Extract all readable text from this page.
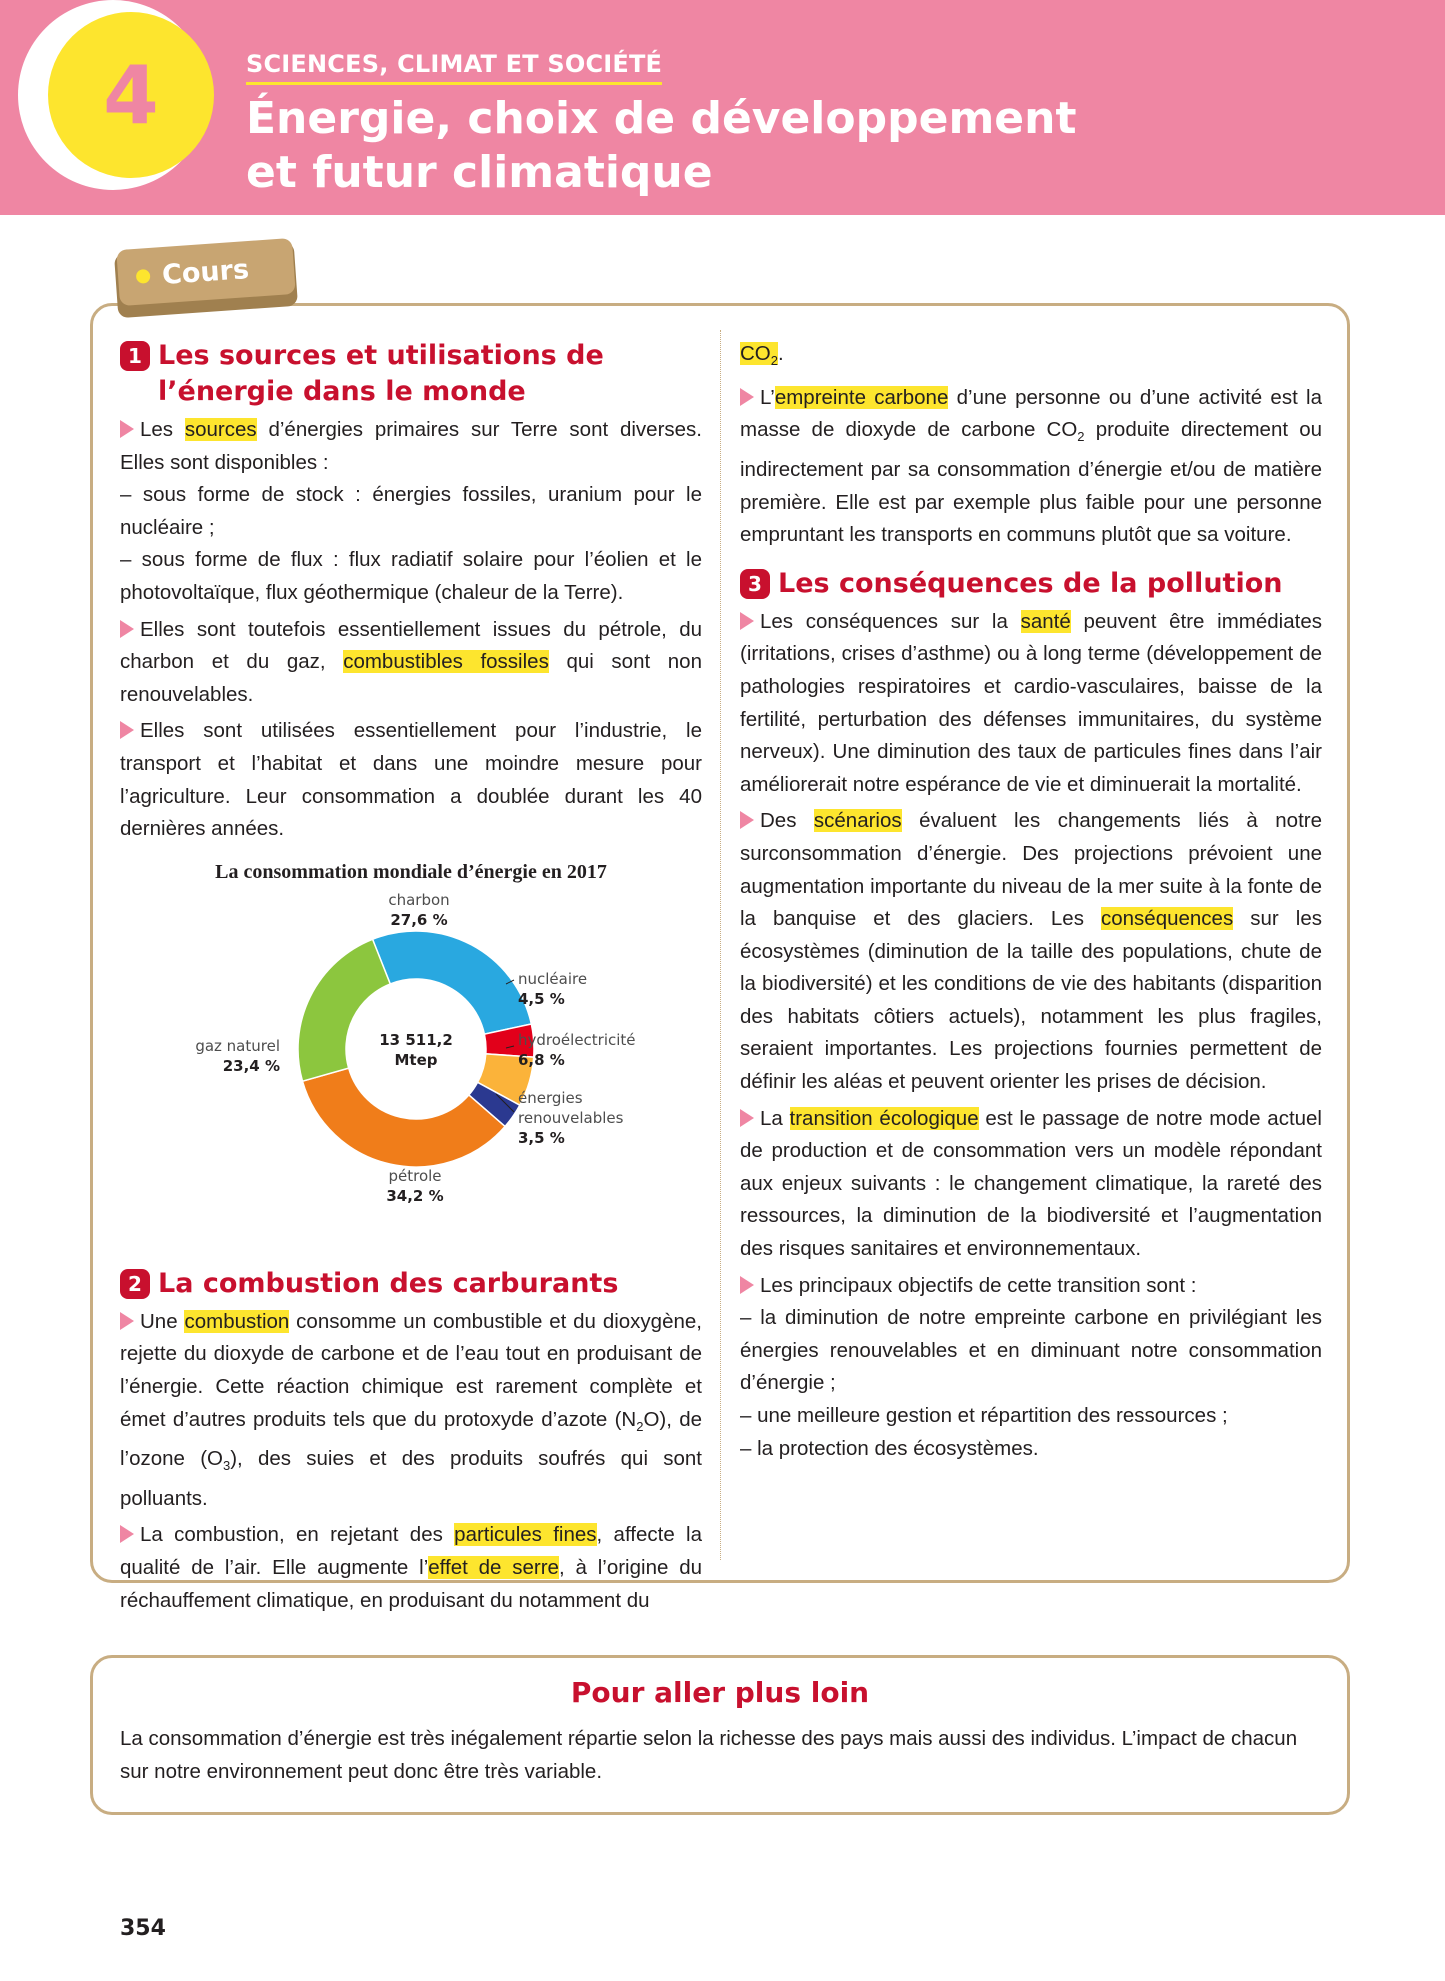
4	SCIENCES, CLIMAT ET SOCIÉTÉ
Énergie, choix de développement
et futur climatique
Cours
1 Les sources et utilisations de l’énergie dans le monde

Les sources d’énergies primaires sur Terre sont diverses. Elles sont disponibles :
– sous forme de stock : énergies fossiles, uranium pour le nucléaire ;
– sous forme de flux : flux radiatif solaire pour l’éolien et le photovoltaïque, flux géothermique (chaleur de la Terre).

Elles sont toutefois essentiellement issues du pétrole, du charbon et du gaz, combustibles fossiles qui sont non renouvelables.

Elles sont utilisées essentiellement pour l’industrie, le transport et l’habitat et dans une moindre mesure pour l’agriculture. Leur consommation a doublée durant les 40 dernières années.

La consommation mondiale d’énergie en 2017
charbon
27,6 %
nucléaire
4,5 %
hydroélectricité
6,8 %
énergies
renouvelables
3,5 %
pétrole
34,2 %
gaz naturel
23,4 %
13 511,2
Mtep
2 La combustion des carburants

Une combustion consomme un combustible et du dioxygène, rejette du dioxyde de carbone et de l’eau tout en produisant de l’énergie. Cette réaction chimique est rarement complète et émet d’autres produits tels que du protoxyde d’azote $(N_2O)$, de l’ozone $(O_3)$, des suies et des produits soufrés qui sont polluants.

La combustion, en rejetant des particules fines, affecte la qualité de l’air. Elle augmente l’effet de serre, à l’origine du réchauffement climatique, en produisant du notamment du

$CO_2$.

L’empreinte carbone d’une personne ou d’une activité est la masse de dioxyde de carbone $CO_2$ produite directement ou indirectement par sa consommation d’énergie et/ou de matière première. Elle est par exemple plus faible pour une personne empruntant les transports en communs plutôt que sa voiture.

3 Les conséquences de la pollution

Les conséquences sur la santé peuvent être immédiates (irritations, crises d’asthme) ou à long terme (développement de pathologies respiratoires et cardio-vasculaires, baisse de la fertilité, perturbation des défenses immunitaires, du système nerveux). Une diminution des taux de particules fines dans l’air améliorerait notre espérance de vie et diminuerait la mortalité.

Des scénarios évaluent les changements liés à notre surconsommation d’énergie. Des projections prévoient une augmentation importante du niveau de la mer suite à la fonte de la banquise et des glaciers. Les conséquences sur les écosystèmes (diminution de la taille des populations, chute de la biodiversité) et les conditions de vie des habitants (disparition des habitats côtiers actuels), notamment les plus fragiles, seraient importantes. Les projections fournies permettent de définir les aléas et peuvent orienter les prises de décision.

La transition écologique est le passage de notre mode actuel de production et de consommation vers un modèle répondant aux enjeux suivants : le changement climatique, la rareté des ressources, la diminution de la biodiversité et l’augmentation des risques sanitaires et environnementaux.

Les principaux objectifs de cette transition sont :
– la diminution de notre empreinte carbone en privilégiant les énergies renouvelables et en diminuant notre consommation d’énergie ;
– une meilleure gestion et répartition des ressources ;
– la protection des écosystèmes.

Pour aller plus loin
La consommation d’énergie est très inégalement répartie selon la richesse des pays mais aussi des individus. L’impact de chacun sur notre environnement peut donc être très variable.
354
